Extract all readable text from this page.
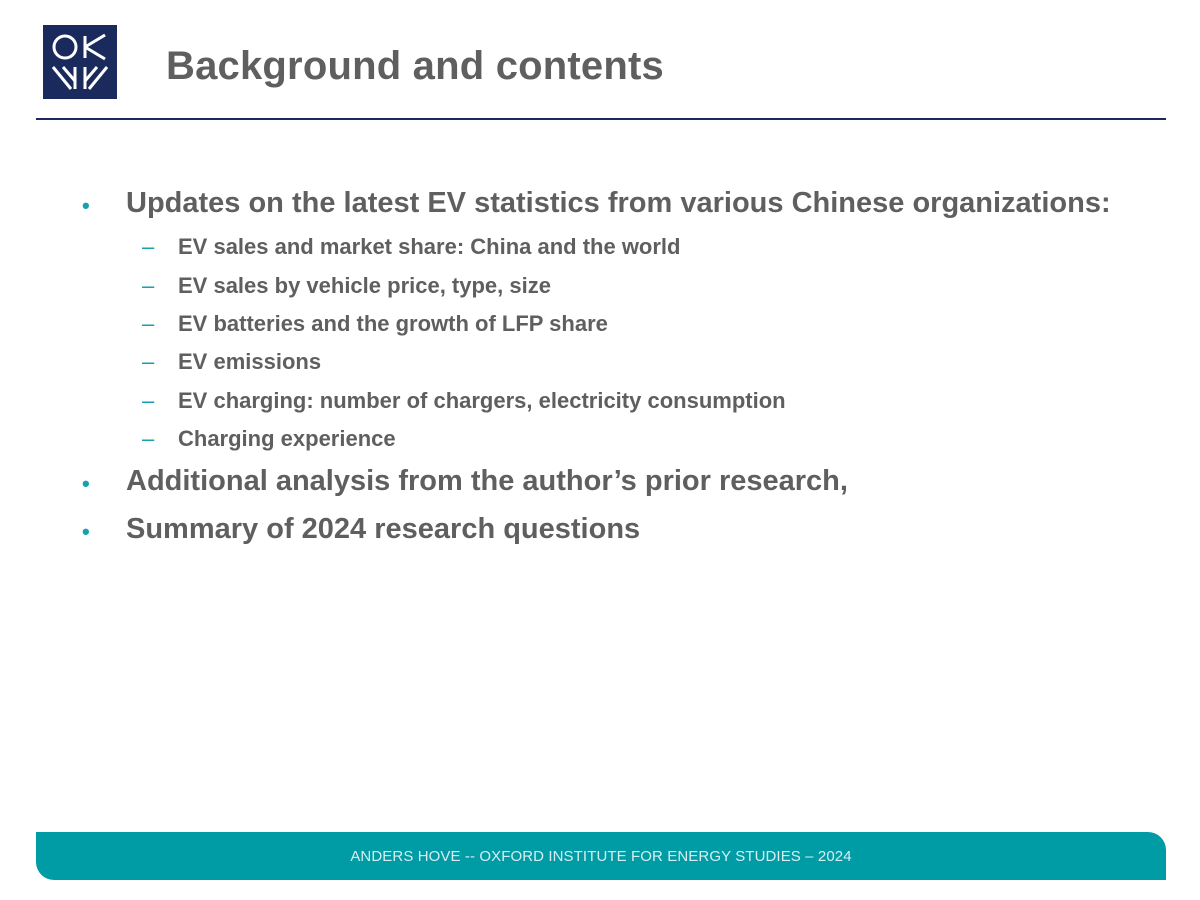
Background and contents
• Updates on the latest EV statistics from various Chinese organizations:
– EV sales and market share: China and the world
– EV sales by vehicle price, type, size
– EV batteries and the growth of LFP share
– EV emissions
– EV charging: number of chargers, electricity consumption
– Charging experience
• Additional analysis from the author’s prior research,
• Summary of 2024 research questions
ANDERS HOVE -- OXFORD INSTITUTE FOR ENERGY STUDIES – 2024
